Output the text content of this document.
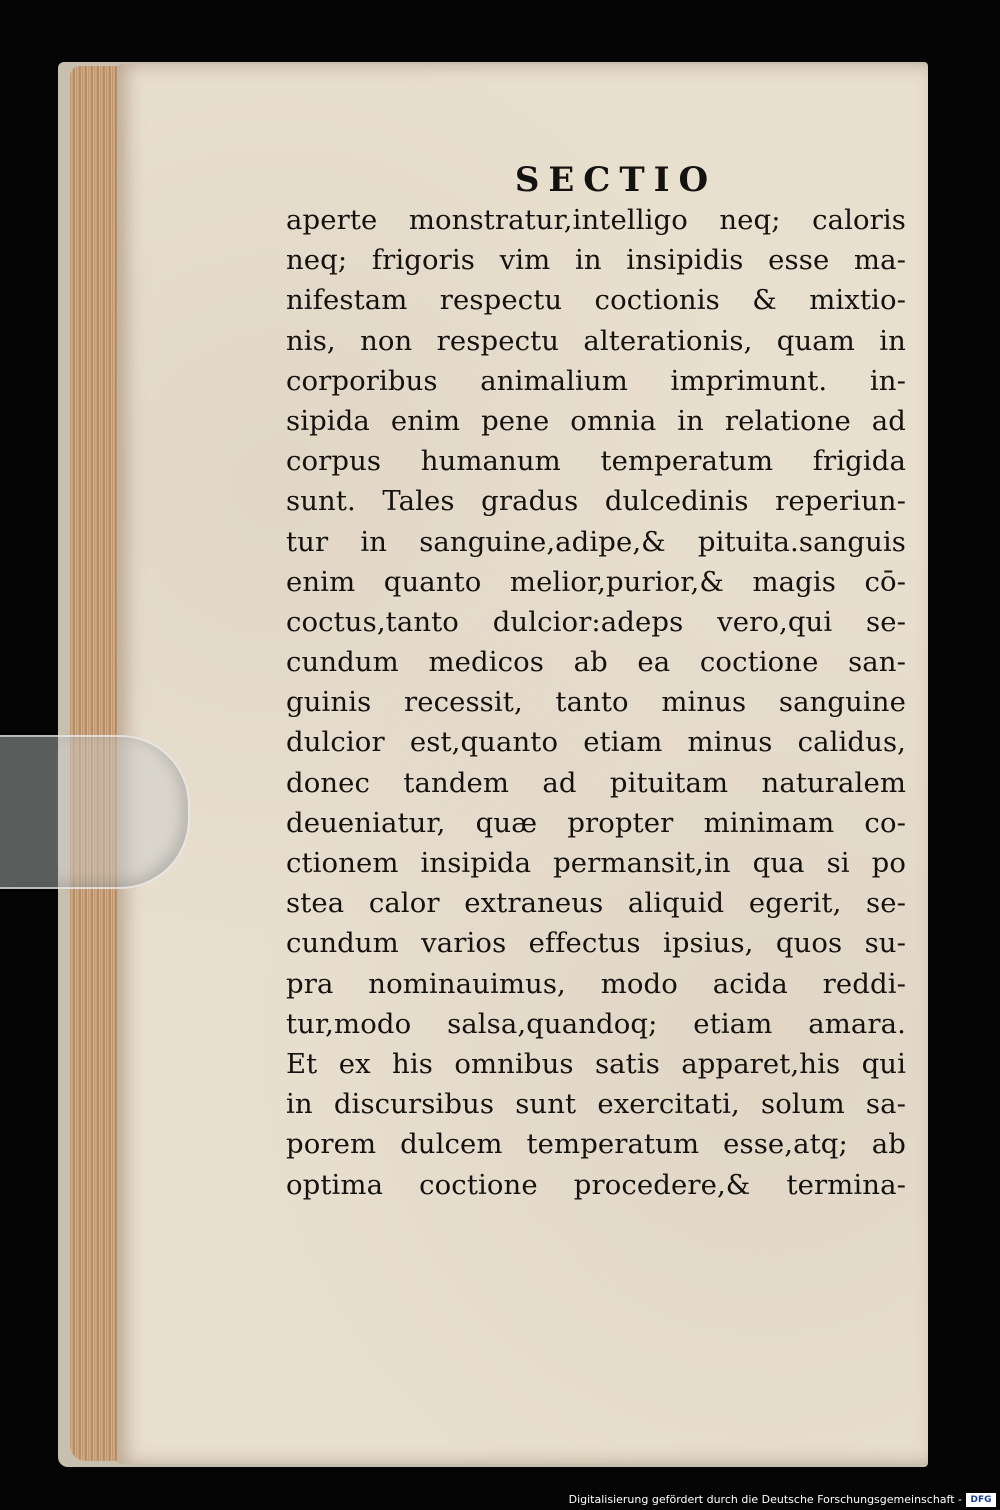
SECTIO
aperte monstratur,intelligo neq; caloris
neq; frigoris vim in insipidis esse ma-
nifestam respectu coctionis & mixtio-
nis, non respectu alterationis, quam in
corporibus animalium imprimunt. in-
sipida enim pene omnia in relatione ad
corpus humanum temperatum frigida
sunt. Tales gradus dulcedinis reperiun-
tur in sanguine,adipe,& pituita.sanguis
enim quanto melior,purior,& magis cō-
coctus,tanto dulcior:adeps vero,qui se-
cundum medicos ab ea coctione san-
guinis recessit, tanto minus sanguine
dulcior est,quanto etiam minus calidus,
donec tandem ad pituitam naturalem
deueniatur, quæ propter minimam co-
ctionem insipida permansit,in qua si po
stea calor extraneus aliquid egerit, se-
cundum varios effectus ipsius, quos su-
pra nominauimus, modo acida reddi-
tur,modo salsa,quandoq; etiam amara.
Et ex his omnibus satis apparet,his qui
in discursibus sunt exercitati, solum sa-
porem dulcem temperatum esse,atq; ab
optima coctione procedere,& termina-
Digitalisierung gefördert durch die Deutsche Forschungsgemeinschaft - DFG
